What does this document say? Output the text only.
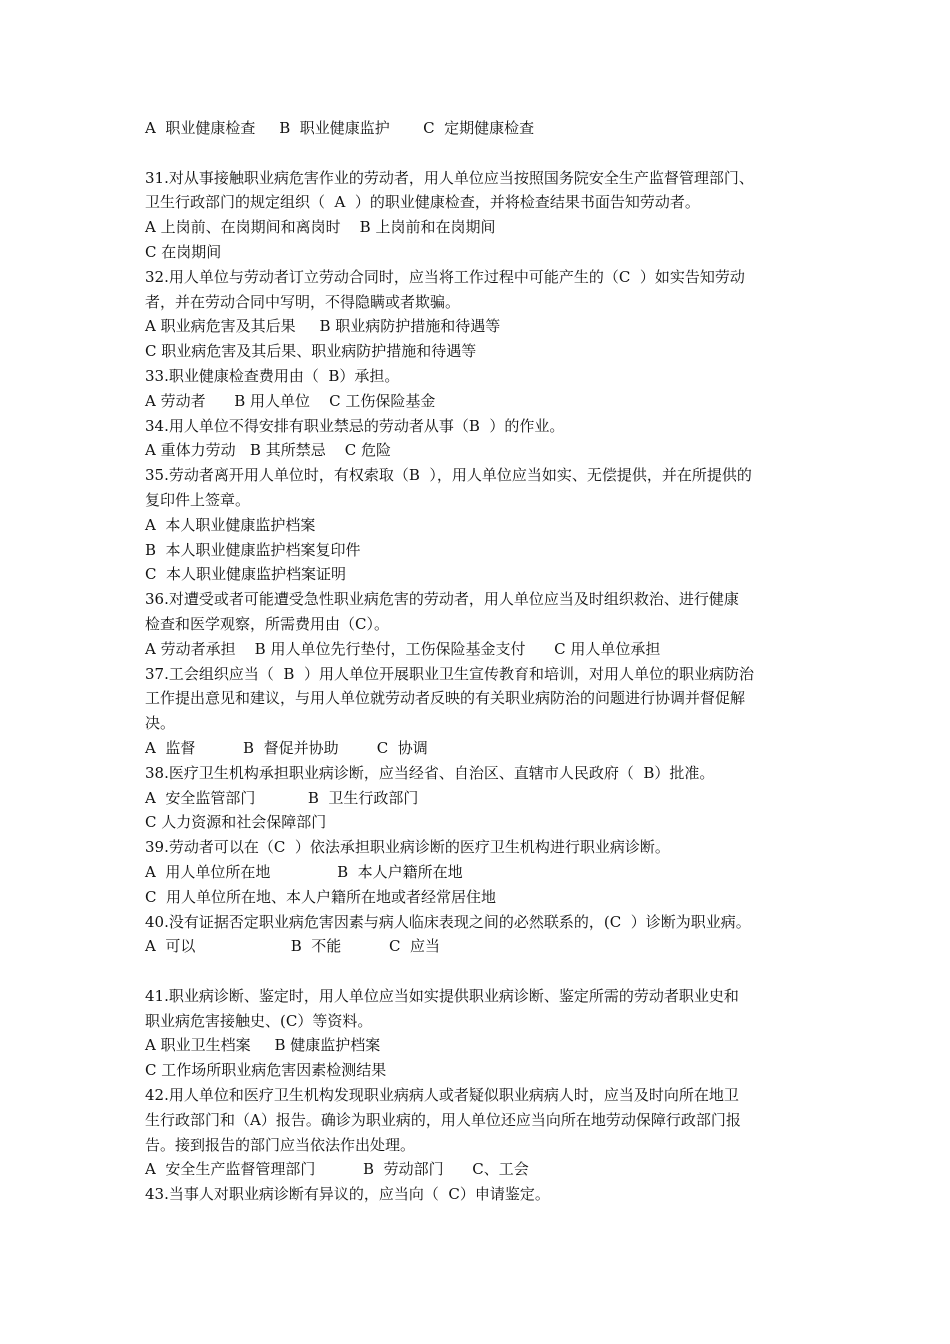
A  职业健康检查     B  职业健康监护       C  定期健康检查
31.对从事接触职业病危害作业的劳动者，用人单位应当按照国务院安全生产监督管理部门、
卫生行政部门的规定组织（  A  ）的职业健康检查，并将检查结果书面告知劳动者。
A 上岗前、在岗期间和离岗时    B 上岗前和在岗期间
C 在岗期间
32.用人单位与劳动者订立劳动合同时，应当将工作过程中可能产生的（C  ）如实告知劳动
者，并在劳动合同中写明，不得隐瞒或者欺骗。
A 职业病危害及其后果     B 职业病防护措施和待遇等
C 职业病危害及其后果、职业病防护措施和待遇等
33.职业健康检查费用由（  B）承担。
A 劳动者      B 用人单位    C 工伤保险基金
34.用人单位不得安排有职业禁忌的劳动者从事（B  ）的作业。
A 重体力劳动   B 其所禁忌    C 危险
35.劳动者离开用人单位时，有权索取（B  ），用人单位应当如实、无偿提供，并在所提供的
复印件上签章。
A  本人职业健康监护档案
B  本人职业健康监护档案复印件
C  本人职业健康监护档案证明
36.对遭受或者可能遭受急性职业病危害的劳动者，用人单位应当及时组织救治、进行健康
检查和医学观察，所需费用由（C）。
A 劳动者承担    B 用人单位先行垫付，工伤保险基金支付      C 用人单位承担
37.工会组织应当（  B  ）用人单位开展职业卫生宣传教育和培训，对用人单位的职业病防治
工作提出意见和建议，与用人单位就劳动者反映的有关职业病防治的问题进行协调并督促解
决。
A  监督          B  督促并协助        C  协调
38.医疗卫生机构承担职业病诊断，应当经省、自治区、直辖市人民政府（  B）批准。
A  安全监管部门           B  卫生行政部门
C 人力资源和社会保障部门
39.劳动者可以在（C  ）依法承担职业病诊断的医疗卫生机构进行职业病诊断。
A  用人单位所在地              B  本人户籍所在地
C  用人单位所在地、本人户籍所在地或者经常居住地
40.没有证据否定职业病危害因素与病人临床表现之间的必然联系的，(C  ）诊断为职业病。
A  可以                    B  不能          C  应当
41.职业病诊断、鉴定时，用人单位应当如实提供职业病诊断、鉴定所需的劳动者职业史和
职业病危害接触史、(C）等资料。
A 职业卫生档案     B 健康监护档案
C 工作场所职业病危害因素检测结果
42.用人单位和医疗卫生机构发现职业病病人或者疑似职业病病人时，应当及时向所在地卫
生行政部门和（A）报告。确诊为职业病的，用人单位还应当向所在地劳动保障行政部门报
告。接到报告的部门应当依法作出处理。
A  安全生产监督管理部门          B  劳动部门      C、工会
43.当事人对职业病诊断有异议的，应当向（  C）申请鉴定。
